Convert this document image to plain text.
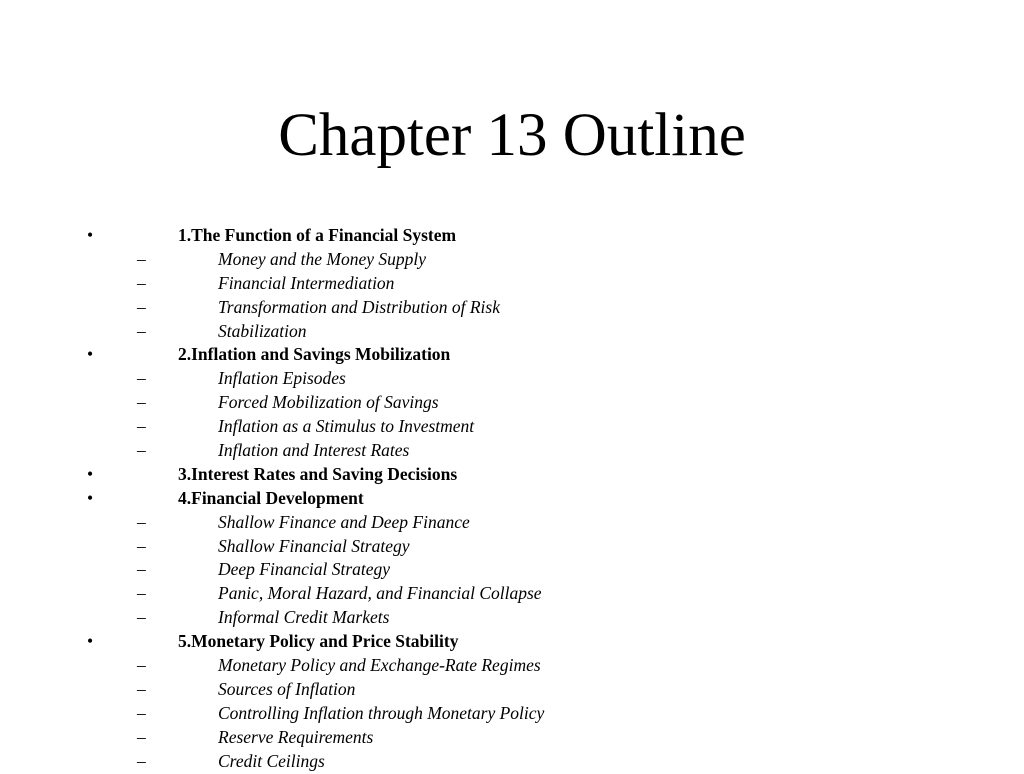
Chapter 13 Outline
•	1.The Function of a Financial System
–	Money and the Money Supply
–	Financial Intermediation
–	Transformation and Distribution of Risk
–	Stabilization
•	2.Inflation and Savings Mobilization
–	Inflation Episodes
–	Forced Mobilization of Savings
–	Inflation as a Stimulus to Investment
–	Inflation and Interest Rates
•	3.Interest Rates and Saving Decisions
•	4.Financial Development
–	Shallow Finance and Deep Finance
–	Shallow Financial Strategy
–	Deep Financial Strategy
–	Panic, Moral Hazard, and Financial Collapse
–	Informal Credit Markets
•	5.Monetary Policy and Price Stability
–	Monetary Policy and Exchange-Rate Regimes
–	Sources of Inflation
–	Controlling Inflation through Monetary Policy
–	Reserve Requirements
–	Credit Ceilings
